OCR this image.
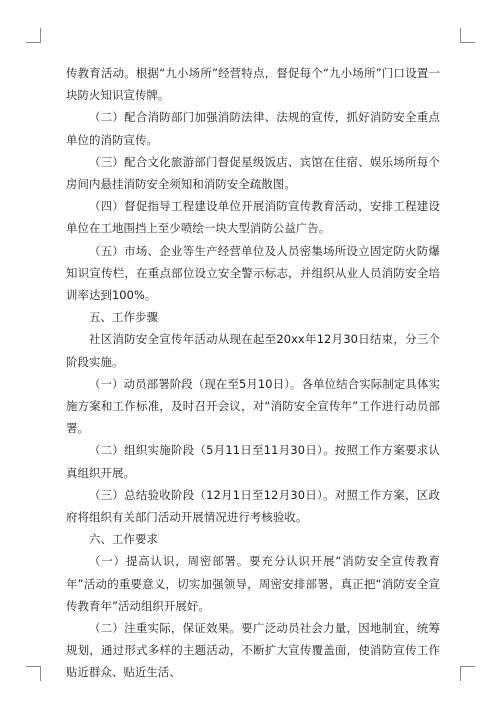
传教育活动。根据“九小场所”经营特点，督促每个“九小场所”门口设置一块防火知识宣传牌。

（二）配合消防部门加强消防法律、法规的宣传，抓好消防安全重点单位的消防宣传。

（三）配合文化旅游部门督促星级饭店、宾馆在住宿、娱乐场所每个房间内悬挂消防安全须知和消防安全疏散图。

（四）督促指导工程建设单位开展消防宣传教育活动，安排工程建设单位在工地围挡上至少喷绘一块大型消防公益广告。

（五）市场、企业等生产经营单位及人员密集场所设立固定防火防爆知识宣传栏，在重点部位设立安全警示标志，并组织从业人员消防安全培训率达到100%。

五、工作步骤

社区消防安全宣传年活动从现在起至20xx年12月30日结束，分三个阶段实施。

（一）动员部署阶段（现在至5月10日）。各单位结合实际制定具体实施方案和工作标准，及时召开会议，对“消防安全宣传年”工作进行动员部署。

（二）组织实施阶段（5月11日至11月30日）。按照工作方案要求认真组织开展。

（三）总结验收阶段（12月1日至12月30日）。对照工作方案，区政府将组织有关部门活动开展情况进行考核验收。

六、工作要求

（一）提高认识，周密部署。要充分认识开展“消防安全宣传教育年”活动的重要意义，切实加强领导，周密安排部署，真正把“消防安全宣传教育年”活动组织开展好。

（二）注重实际，保证效果。要广泛动员社会力量，因地制宜，统筹规划，通过形式多样的主题活动，不断扩大宣传覆盖面，使消防宣传工作贴近群众、贴近生活、
